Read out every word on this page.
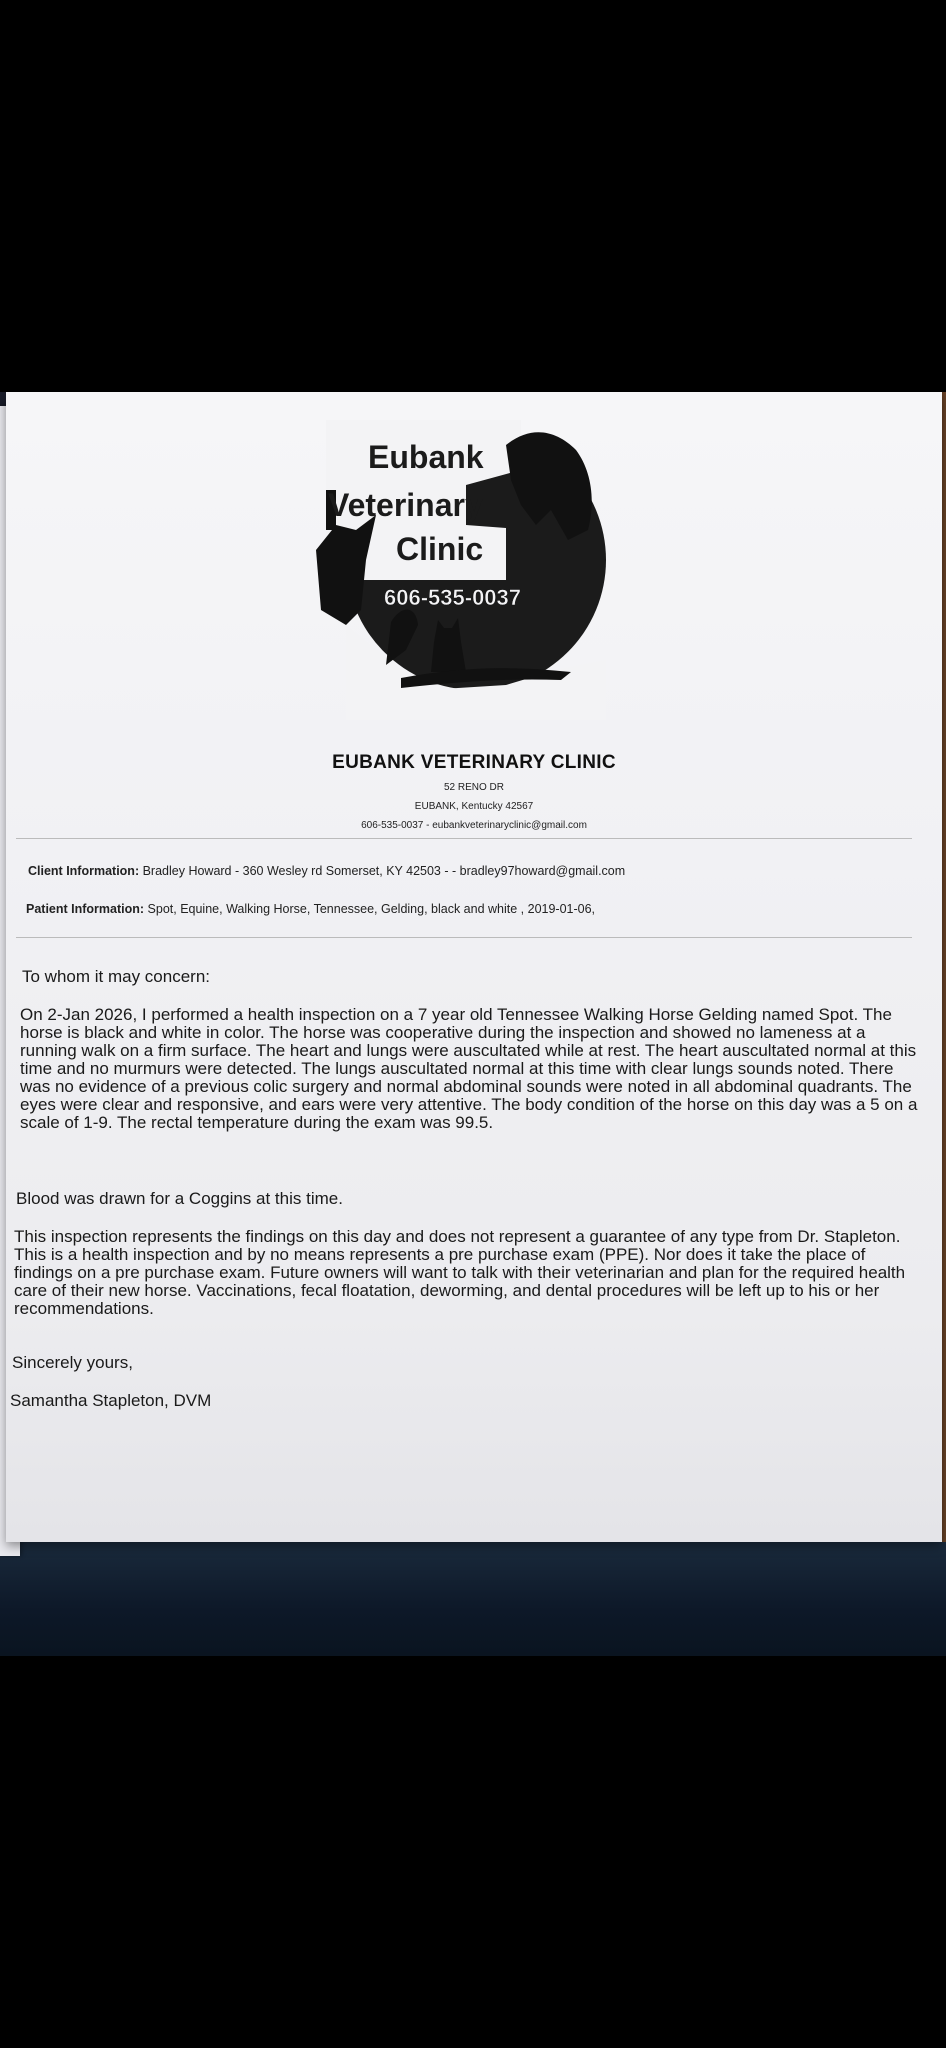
Eubank
Veterinary
Clinic
606-535-0037
EUBANK VETERINARY CLINIC
52 RENO DR
EUBANK, Kentucky 42567
606-535-0037 - eubankveterinaryclinic@gmail.com
Client Information: Bradley Howard - 360 Wesley rd Somerset, KY 42503 - - bradley97howard@gmail.com
Patient Information: Spot, Equine, Walking Horse, Tennessee, Gelding, black and white , 2019-01-06,

To whom it may concern:

On 2-Jan 2026, I performed a health inspection on a 7 year old Tennessee Walking Horse Gelding named Spot. The horse is black and white in color. The horse was cooperative during the inspection and showed no lameness at a running walk on a firm surface. The heart and lungs were auscultated while at rest. The heart auscultated normal at this time and no murmurs were detected. The lungs auscultated normal at this time with clear lungs sounds noted. There was no evidence of a previous colic surgery and normal abdominal sounds were noted in all abdominal quadrants. The eyes were clear and responsive, and ears were very attentive. The body condition of the horse on this day was a 5 on a scale of 1-9. The rectal temperature during the exam was 99.5.

Blood was drawn for a Coggins at this time.

This inspection represents the findings on this day and does not represent a guarantee of any type from Dr. Stapleton. This is a health inspection and by no means represents a pre purchase exam (PPE). Nor does it take the place of findings on a pre purchase exam. Future owners will want to talk with their veterinarian and plan for the required health care of their new horse. Vaccinations, fecal floatation, deworming, and dental procedures will be left up to his or her recommendations.

Sincerely yours,

Samantha Stapleton, DVM
